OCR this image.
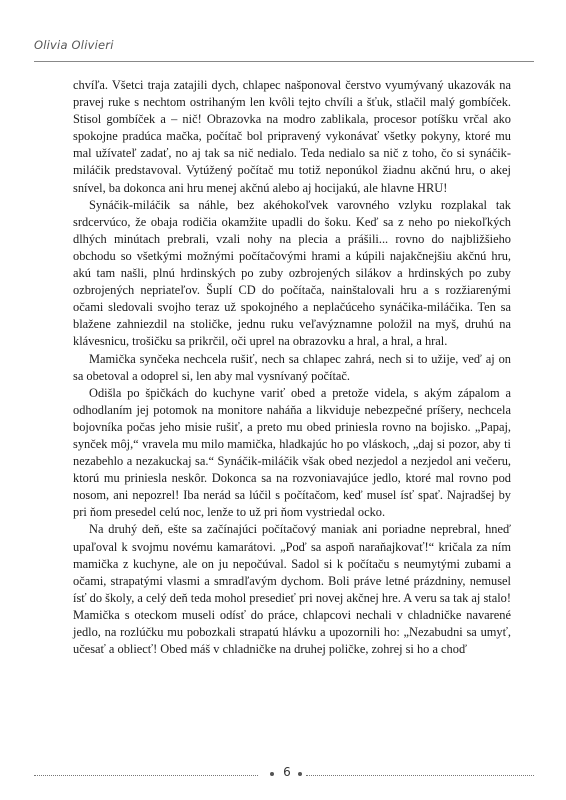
Olivia Olivieri

chvíľa. Všetci traja zatajili dych, chlapec našponoval čerstvo vyumývaný ukazovák na pravej ruke s nechtom ostrihaným len kvôli tejto chvíli a šťuk, stlačil malý gombíček. Stisol gombíček a – nič! Obrazovka na modro zablikala, procesor potíšku vrčal ako spokojne pradúca mačka, počítač bol pripravený vykonávať všetky pokyny, ktoré mu mal užívateľ zadať, no aj tak sa nič nedialo. Teda nedialo sa nič z toho, čo si synáčik-miláčik predstavoval. Vytúžený počítač mu totiž neponúkol žiadnu akčnú hru, o akej snível, ba dokonca ani hru menej akčnú alebo aj hocijakú, ale hlavne HRU!

Synáčik-miláčik sa náhle, bez akéhokoľvek varovného vzlyku rozplakal tak srdcervúco, že obaja rodičia okamžite upadli do šoku. Keď sa z neho po niekoľkých dlhých minútach prebrali, vzali nohy na plecia a prášili... rovno do najbližšieho obchodu so všetkými možnými počítačovými hrami a kúpili najakčnejšiu akčnú hru, akú tam našli, plnú hrdinských po zuby ozbrojených silákov a hrdinských po zuby ozbrojených nepriateľov. Šuplí CD do počítača, nainštalovali hru a s rozžiarenými očami sledovali svojho teraz už spokojného a neplačúceho synáčika-miláčika. Ten sa blažene zahniezdil na stoličke, jednu ruku veľavýznamne položil na myš, druhú na klávesnicu, trošičku sa prikrčil, oči uprel na obrazovku a hral, a hral, a hral.

Mamička synčeka nechcela rušiť, nech sa chlapec zahrá, nech si to užije, veď aj on sa obetoval a odoprel si, len aby mal vysnívaný počítač.

Odišla po špičkách do kuchyne variť obed a pretože videla, s akým zápalom a odhodlaním jej potomok na monitore naháňa a likviduje nebezpečné príšery, nechcela bojovníka počas jeho misie rušiť, a preto mu obed priniesla rovno na bojisko. „Papaj, synček môj,“ vravela mu milo mamička, hladkajúc ho po vláskoch, „daj si pozor, aby ti nezabehlo a nezakuckaj sa.“ Synáčik-miláčik však obed nezjedol a nezjedol ani večeru, ktorú mu priniesla neskôr. Dokonca sa na rozvoniavajúce jedlo, ktoré mal rovno pod nosom, ani nepozrel! Iba nerád sa lúčil s počítačom, keď musel ísť spať. Najradšej by pri ňom presedel celú noc, lenže to už pri ňom vystriedal ocko.

Na druhý deň, ešte sa začínajúci počítačový maniak ani poriadne neprebral, hneď upaľoval k svojmu novému kamarátovi. „Poď sa aspoň naraňajkovať!“ kričala za ním mamička z kuchyne, ale on ju nepočúval. Sadol si k počítaču s neumytými zubami a očami, strapatými vlasmi a smradľavým dychom. Boli práve letné prázdniny, nemusel ísť do školy, a celý deň teda mohol presedieť pri novej akčnej hre. A veru sa tak aj stalo! Mamička s oteckom museli odísť do práce, chlapcovi nechali v chladničke navarené jedlo, na rozlúčku mu pobozkali strapatú hlávku a upozornili ho: „Nezabudni sa umyť, učesať a obliecť! Obed máš v chladničke na druhej poličke, zohrej si ho a choď

6
